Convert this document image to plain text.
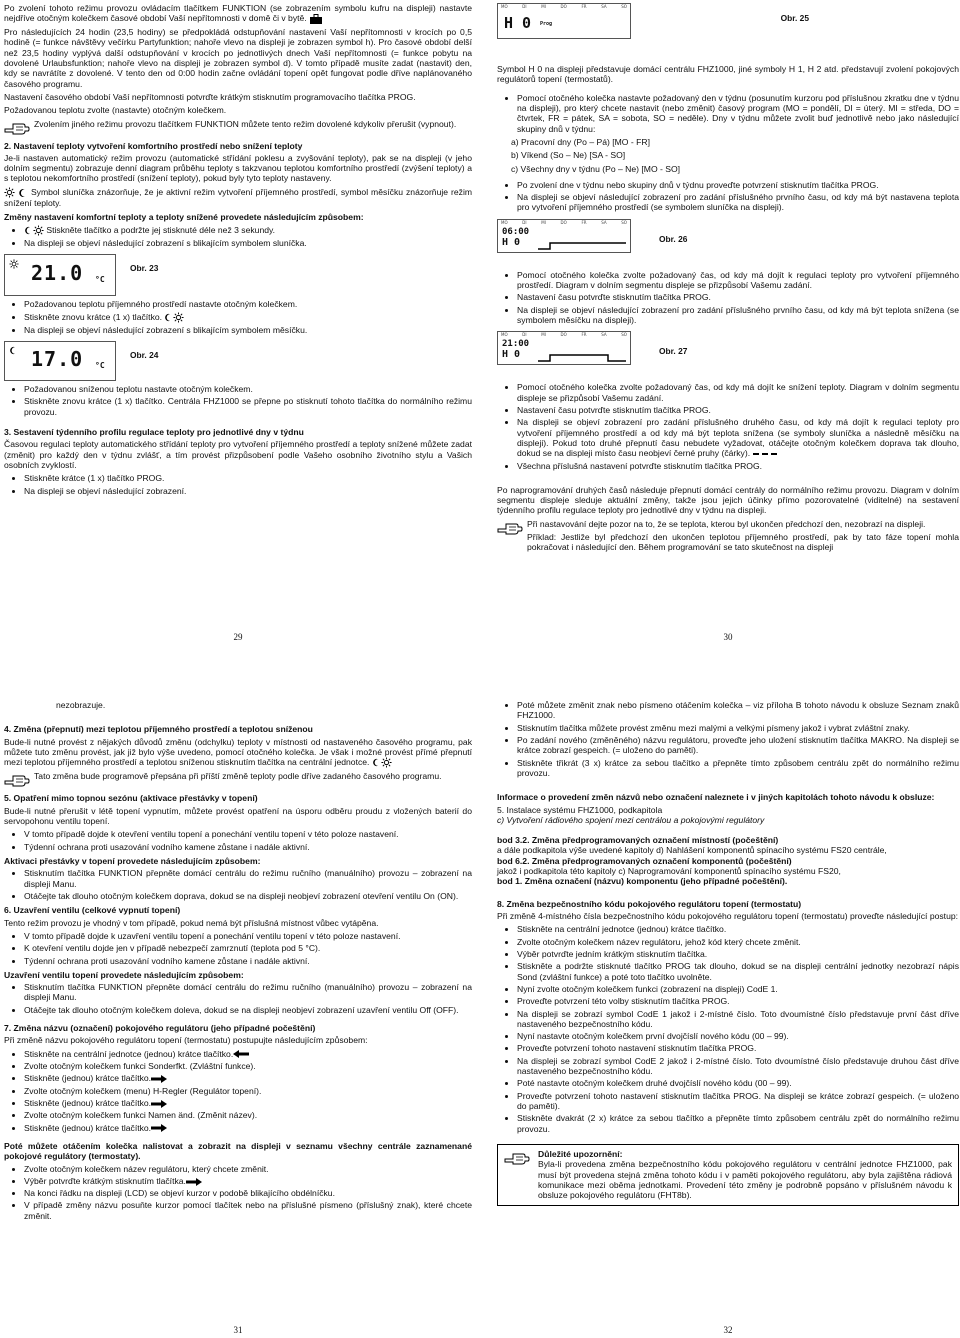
Po zvolení tohoto režimu provozu ovládacím tlačítkem FUNKTION (se zobrazením symbolu kufru na displeji) nastavte nejdříve otočným kolečkem časové období Vaší nepřítomnosti v domě či v bytě.

Pro následujících 24 hodin (23,5 hodiny) se předpokládá odstupňování nastavení Vaší nepřítomnosti v krocích po 0,5 hodině (= funkce návštěvy večírku Partyfunktion; nahoře vlevo na displeji je zobrazen symbol h). Pro časové období delší než 23,5 hodiny vyplývá další odstupňování v krocích po jednotlivých dnech Vaší nepřítomnosti (= funkce pobytu na dovolené Urlaubsfunktion; nahoře vlevo na displeji je zobrazen symbol d). V tomto případě musíte zadat (nastavit) den, kdy se navrátíte z dovolené. V tento den od 0:00 hodin začne ovládání topení opět fungovat podle dříve naplánovaného časového programu.

Nastavení časového období Vaší nepřítomnosti potvrďte krátkým stisknutím programovacího tlačítka PROG.

Požadovanou teplotu zvolte (nastavte) otočným kolečkem.

Zvolením jiného režimu provozu tlačítkem FUNKTION můžete tento režim dovolené kdykoliv přerušit (vypnout).

2. Nastavení teploty vytvoření komfortního prostředí nebo snížení teploty

Je-li nastaven automatický režim provozu (automatické střídání poklesu a zvyšování teploty), pak se na displeji (v jeho dolním segmentu) zobrazuje denní diagram průběhu teploty s takzvanou teplotou komfortního prostředí (zvýšení teploty) a s teplotou nekomfortního prostředí (snížení teploty), pokud byly tyto teploty nastaveny.

Symbol sluníčka znázorňuje, že je aktivní režim vytvoření příjemného prostředí, symbol měsíčku znázorňuje režim snížení teploty.

Změny nastavení komfortní teploty a teploty snížené provedete následujícím způsobem:

• Stiskněte tlačítko a podržte jej stisknuté déle než 3 sekundy.
• Na displeji se objeví následující zobrazení s blikajícím symbolem sluníčka.
21.0 °C
Obr. 23
• Požadovanou teplotu příjemného prostředí nastavte otočným kolečkem.
• Stiskněte znovu krátce (1 x) tlačítko.
• Na displeji se objeví následující zobrazení s blikajícím symbolem měsíčku.
17.0 °C
Obr. 24
• Požadovanou sníženou teplotu nastavte otočným kolečkem.
• Stiskněte znovu krátce (1 x) tlačítko. Centrála FHZ1000 se přepne po stisknutí tohoto tlačítka do normálního režimu provozu.

3. Sestavení týdenního profilu regulace teploty pro jednotlivé dny v týdnu

Časovou regulaci teploty automatického střídání teploty pro vytvoření příjemného prostředí a teploty snížené můžete zadat (změnit) pro každý den v týdnu zvlášť, a tím provést přizpůsobení podle Vašeho osobního životního stylu a Vašich osobních zvyklostí.

• Stiskněte krátce (1 x) tlačítko PROG.
• Na displeji se objeví následující zobrazení.
29
MO	DI	MI	DO	FR	SA	SO
H 0 Prog
Obr. 25

Symbol H 0 na displeji představuje domácí centrálu FHZ1000, jiné symboly H 1, H 2 atd. představují zvolení pokojových regulátorů topení (termostatů).

• Pomocí otočného kolečka nastavte požadovaný den v týdnu (posunutím kurzoru pod příslušnou zkratku dne v týdnu na displeji), pro který chcete nastavit (nebo změnit) časový program (MO = pondělí, DI = úterý. MI = středa, DO = čtvrtek, FR = pátek, SA = sobota, SO = neděle). Dny v týdnu můžete zvolit buď jednotlivě nebo jako následující skupiny dnů v týdnu:

a) Pracovní dny (Po – Pá) [MO - FR]

b) Víkend (So – Ne) [SA - SO]

c) Všechny dny v týdnu (Po – Ne) [MO - SO]

• Po zvolení dne v týdnu nebo skupiny dnů v týdnu proveďte potvrzení stisknutím tlačítka PROG.
• Na displeji se objeví následující zobrazení pro zadání příslušného prvního času, od kdy má být nastavena teplota pro vytvoření příjemného prostředí (se symbolem sluníčka na displeji).
MO	DI	MI	DO	FR	SA	SO
06:00
H 0	Obr. 26
• Pomocí otočného kolečka zvolte požadovaný čas, od kdy má dojít k regulaci teploty pro vytvoření příjemného prostředí. Diagram v dolním segmentu displeje se přizpůsobí Vašemu zadání.
• Nastavení času potvrďte stisknutím tlačítka PROG.
• Na displeji se objeví následující zobrazení pro zadání příslušného prvního času, od kdy má být teplota snížena (se symbolem měsíčku na displeji).
MO	DI	MI	DO	FR	SA	SO
21:00
H 0	Obr. 27
• Pomocí otočného kolečka zvolte požadovaný čas, od kdy má dojít ke snížení teploty. Diagram v dolním segmentu displeje se přizpůsobí Vašemu zadání.
• Nastavení času potvrďte stisknutím tlačítka PROG.
• Na displeji se objeví zobrazení pro zadání příslušného druhého času, od kdy má dojít k regulaci teploty pro vytvoření příjemného prostředí a od kdy má být teplota snížena (se symboly sluníčka a následně měsíčku na displeji). Pokud toto druhé přepnutí času nebudete vyžadovat, otáčejte otočným kolečkem doprava tak dlouho, dokud se na displeji místo času neobjeví černé pruhy (čárky).
• Všechna příslušná nastavení potvrďte stisknutím tlačítka PROG.

Po naprogramování druhých časů následuje přepnutí domácí centrály do normálního režimu provozu. Diagram v dolním segmentu displeje sleduje aktuální změny, takže jsou jejich účinky přímo pozorovatelné (viditelné) na sestavení týdenního profilu regulace teploty pro jednotlivé dny v týdnu na displeji.

Při nastavování dejte pozor na to, že se teplota, kterou byl ukončen předchozí den, nezobrazí na displeji.

Příklad: Jestliže byl předchozí den ukončen teplotou příjemného prostředí, pak by tato fáze topení mohla pokračovat i následující den. Během programování se tato skutečnost na displeji

30

nezobrazuje.

4. Změna (přepnutí) mezi teplotou příjemného prostředí a teplotou sníženou

Bude-li nutné provést z nějakých důvodů změnu (odchylku) teploty v místnosti od nastaveného časového programu, pak můžete tuto změnu provést, jak již bylo výše uvedeno, pomocí otočného kolečka. Je však i možné provést přímé přepnutí mezi teplotou příjemného prostředí a teplotou sníženou stisknutím tlačítka na centrální jednotce.

Tato změna bude programově přepsána při příští změně teploty podle dříve zadaného časového programu.

5. Opatření mimo topnou sezónu (aktivace přestávky v topení)

Bude-li nutné přerušit v létě topení vypnutím, můžete provést opatření na úsporu odběru proudu z vložených baterií do servopohonu ventilu topení.

• V tomto případě dojde k otevření ventilu topení a ponechání ventilu topení v této poloze nastavení.
• Týdenní ochrana proti usazování vodního kamene zůstane i nadále aktivní.

Aktivaci přestávky v topení provedete následujícím způsobem:

• Stisknutím tlačítka FUNKTION přepněte domácí centrálu do režimu ručního (manuálního) provozu – zobrazení na displeji Manu.
• Otáčejte tak dlouho otočným kolečkem doprava, dokud se na displeji neobjeví zobrazení otevření ventilu On (ON).

6. Uzavření ventilu (celkové vypnutí topení)

Tento režim provozu je vhodný v tom případě, pokud nemá být příslušná místnost vůbec vytápěna.

• V tomto případě dojde k uzavření ventilu topení a ponechání ventilu topení v této poloze nastavení.
• K otevření ventilu dojde jen v případě nebezpečí zamrznutí (teplota pod 5 °C).
• Týdenní ochrana proti usazování vodního kamene zůstane i nadále aktivní.

Uzavření ventilu topení provedete následujícím způsobem:

• Stisknutím tlačítka FUNKTION přepněte domácí centrálu do režimu ručního (manuálního) provozu – zobrazení na displeji Manu.
• Otáčejte tak dlouho otočným kolečkem doleva, dokud se na displeji neobjeví zobrazení uzavření ventilu Off (OFF).

7. Změna názvu (označení) pokojového regulátoru (jeho případné počeštění)

Při změně názvu pokojového regulátoru topení (termostatu) postupujte následujícím způsobem:

• Stiskněte na centrální jednotce (jednou) krátce tlačítko.
• Zvolte otočným kolečkem funkci Sonderfkt. (Zvláštní funkce).
• Stiskněte (jednou) krátce tlačítko.
• Zvolte otočným kolečkem (menu) H-Regler (Regulátor topení).
• Stiskněte (jednou) krátce tlačítko.
• Zvolte otočným kolečkem funkci Namen änd. (Změnit název).
• Stiskněte (jednou) krátce tlačítko.

Poté můžete otáčením kolečka nalistovat a zobrazit na displeji v seznamu všechny centrále zaznamenané pokojové regulátory (termostaty).

• Zvolte otočným kolečkem název regulátoru, který chcete změnit.
• Výběr potvrďte krátkým stisknutím tlačítka.
• Na konci řádku na displeji (LCD) se objeví kurzor v podobě blikajícího obdélníčku.
• V případě změny názvu posuňte kurzor pomocí tlačítek nebo na příslušné písmeno (příslušný znak), které chcete změnit.
31
• Poté můžete změnit znak nebo písmeno otáčením kolečka – viz příloha B tohoto návodu k obsluze Seznam znaků FHZ1000.
• Stisknutím tlačítka můžete provést změnu mezi malými a velkými písmeny jakož i vybrat zvláštní znaky.
• Po zadání nového (změněného) názvu regulátoru, proveďte jeho uložení stisknutím tlačítka MAKRO. Na displeji se krátce zobrazí gespeich. (= uloženo do paměti).
• Stiskněte třikrát (3 x) krátce za sebou tlačítko a přepněte tímto způsobem centrálu zpět do normálního režimu provozu.

Informace o provedení změn názvů nebo označení naleznete i v jiných kapitolách tohoto návodu k obsluze:

5. Instalace systému FHZ1000, podkapitola

c) Vytvoření rádiového spojení mezi centrálou a pokojovými regulátory

bod 3.2. Změna předprogramovaných označení místností (počeštění)

a dále podkapitola výše uvedené kapitoly d) Nahlášení komponentů spínacího systému FS20 centrále,

bod 6.2. Změna předprogramovaných označení komponentů (počeštění)

jakož i podkapitola této kapitoly c) Naprogramování komponentů spínacího systému FS20,

bod 1. Změna označení (názvu) komponentu (jeho případné počeštění).

8. Změna bezpečnostního kódu pokojového regulátoru topení (termostatu)

Při změně 4-místného čísla bezpečnostního kódu pokojového regulátoru topení (termostatu) proveďte následující postup:

• Stiskněte na centrální jednotce (jednou) krátce tlačítko.
• Zvolte otočným kolečkem název regulátoru, jehož kód který chcete změnit.
• Výběr potvrďte jedním krátkým stisknutím tlačítka.
• Stiskněte a podržte stisknuté tlačítko PROG tak dlouho, dokud se na displeji centrální jednotky nezobrazí nápis Sond (zvláštní funkce) a poté toto tlačítko uvolněte.
• Nyní zvolte otočným kolečkem funkci (zobrazení na displeji) CodE 1.
• Proveďte potvrzení této volby stisknutím tlačítka PROG.
• Na displeji se zobrazí symbol CodE 1 jakož i 2-místné číslo. Toto dvoumístné číslo představuje první část dříve nastaveného bezpečnostního kódu.
• Nyní nastavte otočným kolečkem první dvojčíslí nového kódu (00 – 99).
• Proveďte potvrzení tohoto nastavení stisknutím tlačítka PROG.
• Na displeji se zobrazí symbol CodE 2 jakož i 2-místné číslo. Toto dvoumístné číslo představuje druhou část dříve nastaveného bezpečnostního kódu.
• Poté nastavte otočným kolečkem druhé dvojčíslí nového kódu (00 – 99).
• Proveďte potvrzení tohoto nastavení stisknutím tlačítka PROG. Na displeji se krátce zobrazí gespeich. (= uloženo do paměti).
• Stiskněte dvakrát (2 x) krátce za sebou tlačítko a přepněte tímto způsobem centrálu zpět do normálního režimu provozu.

Důležité upozornění:

Byla-li provedena změna bezpečnostního kódu pokojového regulátoru v centrální jednotce FHZ1000, pak musí být provedena stejná změna tohoto kódu i v paměti pokojového regulátoru, aby byla zajištěna rádiová komunikace mezi oběma jednotkami. Provedení této změny je podrobně popsáno v příslušném návodu k obsluze pokojového regulátoru (FHT8b).

32
